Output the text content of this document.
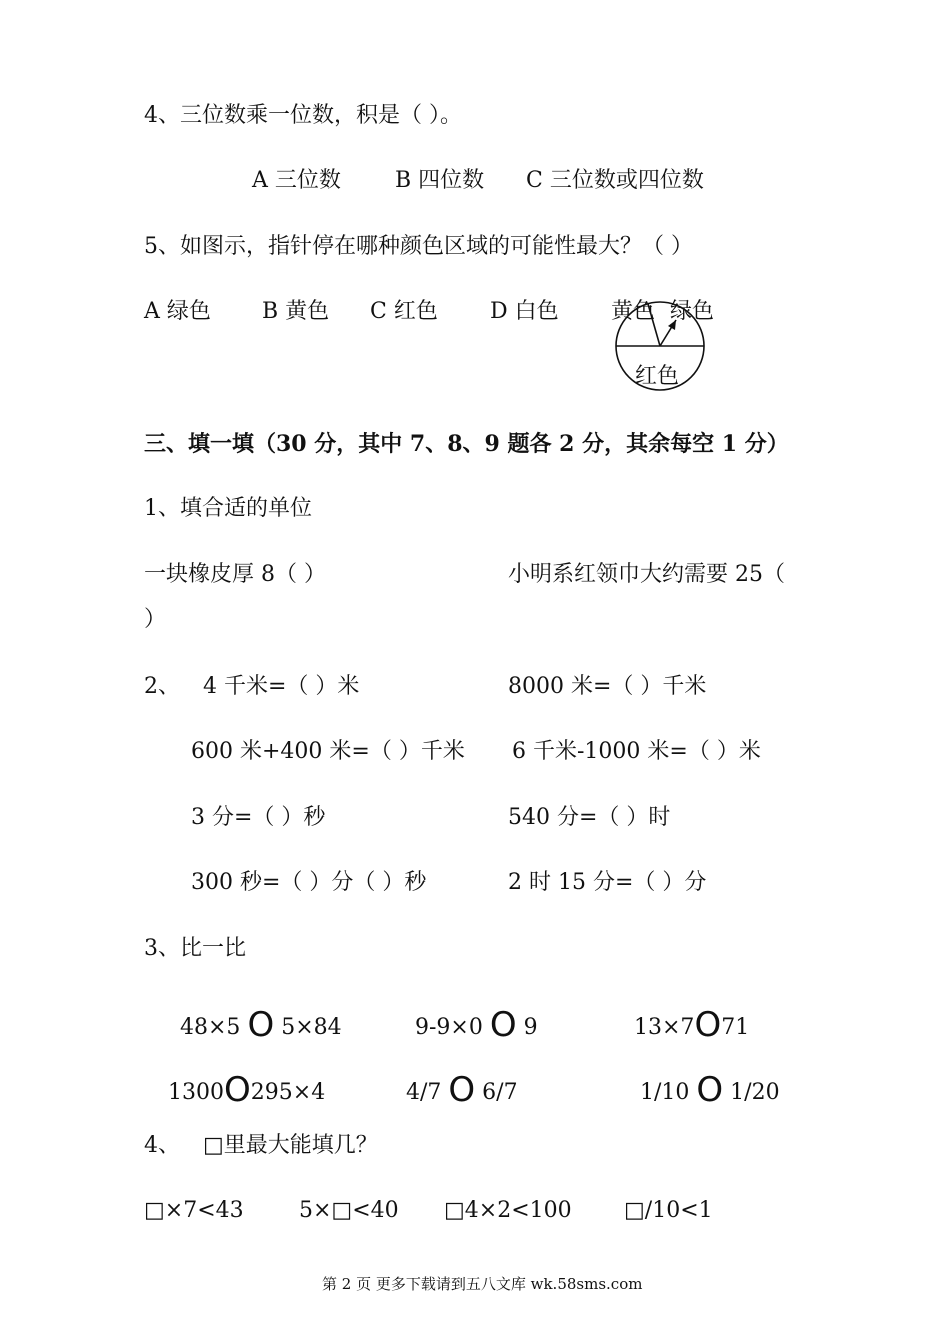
4、三位数乘一位数，积是（ ）。
A 三位数 B 四位数 C 三位数或四位数
5、如图示，指针停在哪种颜色区域的可能性最大？（ ）
A 绿色 B 黄色 C 红色 D 白色 黄色 绿色
红色
三、填一填（30 分，其中 7、8、9 题各 2 分，其余每空 1 分）
1、填合适的单位
一块橡皮厚 8（ ）	小明系红领巾大约需要 25（
）
2、 4 千米=（ ）米	8000 米=（ ）千米
600 米+400 米=（ ）千米 6 千米-1000 米=（ ）米
3 分=（ ）秒	540 分=（ ）时
300 秒=（ ）分（ ）秒	2 时 15 分=（ ）分
3、比一比
48×5 O 5×84	9-9×0 O 9	13×7O71
1300O295×4	4/7 O 6/7	1/10 O 1/20
4、 □里最大能填几？
□×7<43	5×□<40 □4×2<100 □/10<1
第 2 页 更多下载请到五八文库 wk.58sms.com
